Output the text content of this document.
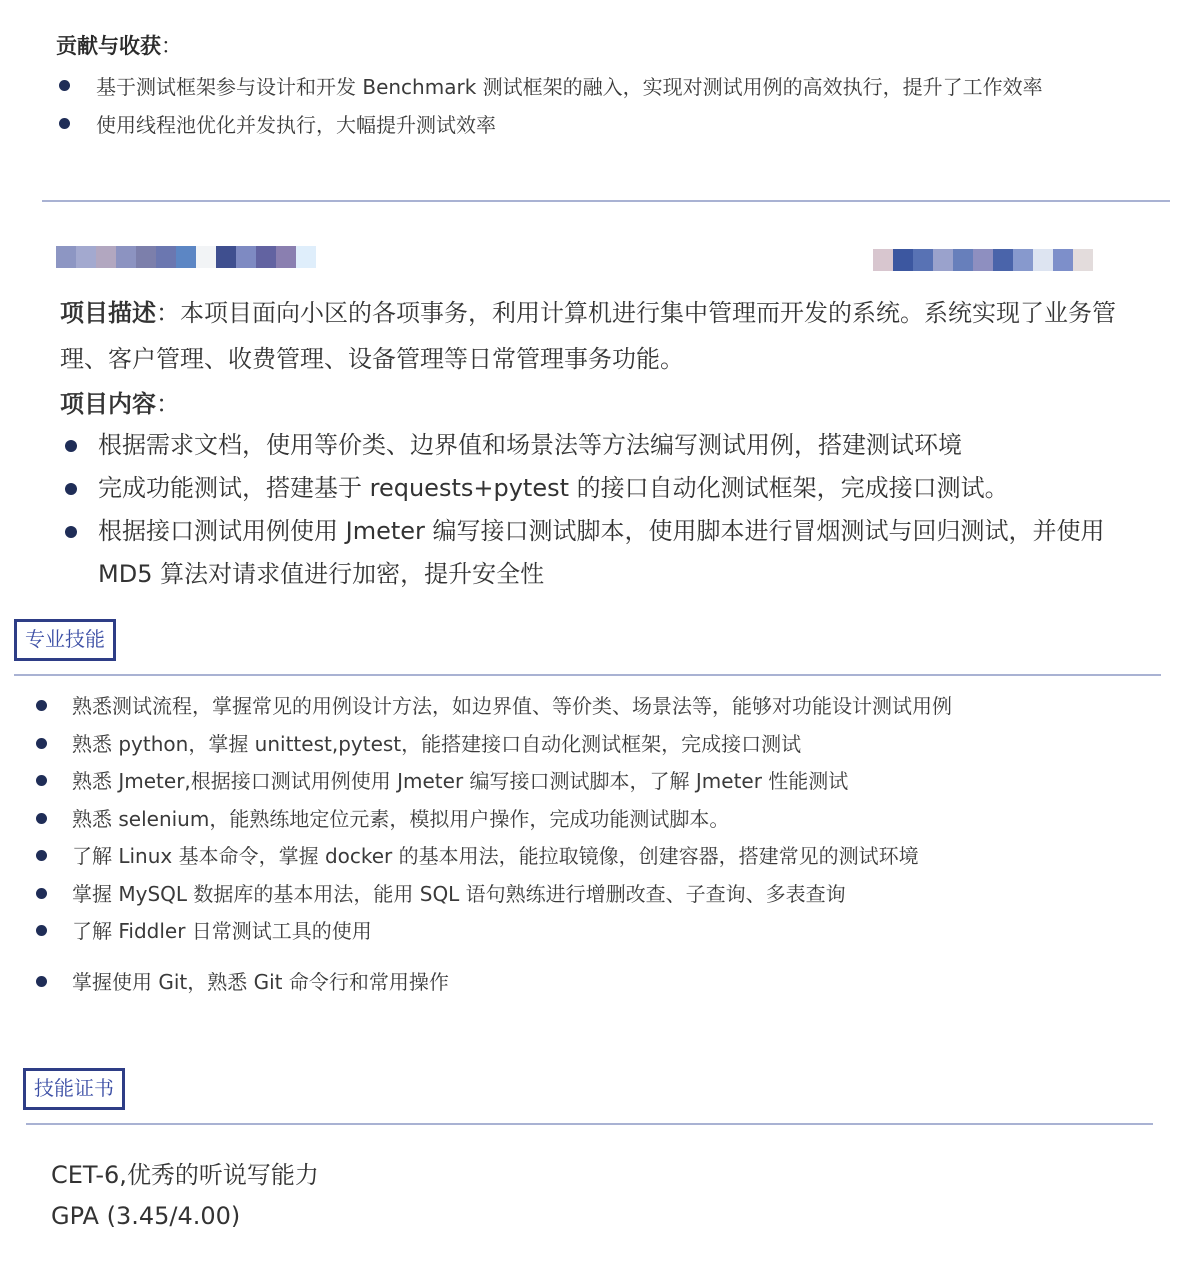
贡献与收获：
基于测试框架参与设计和开发 Benchmark 测试框架的融入，实现对测试用例的高效执行，提升了工作效率
使用线程池优化并发执行，大幅提升测试效率
项目描述：本项目面向小区的各项事务，利用计算机进行集中管理而开发的系统。系统实现了业务管理、客户管理、收费管理、设备管理等日常管理事务功能。
项目内容：
根据需求文档，使用等价类、边界值和场景法等方法编写测试用例，搭建测试环境
完成功能测试，搭建基于 requests+pytest 的接口自动化测试框架，完成接口测试。
根据接口测试用例使用 Jmeter 编写接口测试脚本，使用脚本进行冒烟测试与回归测试，并使用 MD5 算法对请求值进行加密，提升安全性
专业技能
熟悉测试流程，掌握常见的用例设计方法，如边界值、等价类、场景法等，能够对功能设计测试用例
熟悉 python，掌握 unittest,pytest，能搭建接口自动化测试框架，完成接口测试
熟悉 Jmeter,根据接口测试用例使用 Jmeter 编写接口测试脚本，了解 Jmeter 性能测试
熟悉 selenium，能熟练地定位元素，模拟用户操作，完成功能测试脚本。
了解 Linux 基本命令，掌握 docker 的基本用法，能拉取镜像，创建容器，搭建常见的测试环境
掌握 MySQL 数据库的基本用法，能用 SQL 语句熟练进行增删改查、子查询、多表查询
了解 Fiddler 日常测试工具的使用
掌握使用 Git，熟悉 Git 命令行和常用操作
技能证书
CET-6,优秀的听说写能力
GPA (3.45/4.00)
